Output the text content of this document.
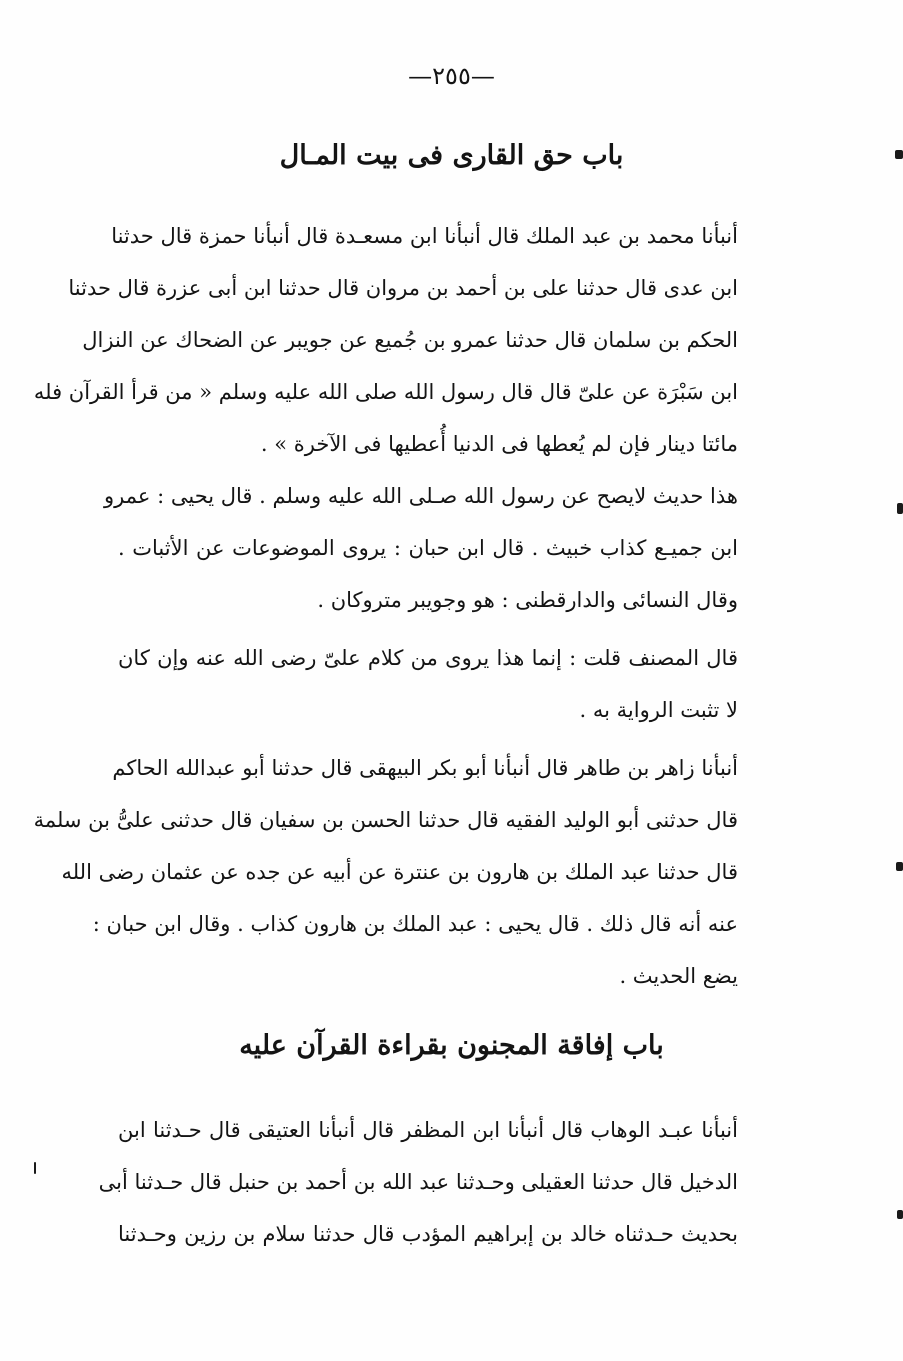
—٢٥٥—
باب حق القارى فى بيت المـال
أنبأنا محمد بن عبد الملك قال أنبأنا ابن مسعـدة قال أنبأنا حمزة قال حدثنا
ابن عدى قال حدثنا على بن أحمد بن مروان قال حدثنا ابن أبى عزرة قال حدثنا
الحكم بن سلمان قال حدثنا عمرو بن جُميع عن جويبر عن الضحاك عن النزال
ابن سَبْرَة عن علىّ قال قال رسول الله صلى الله عليه وسلم « من قرأ القرآن فله
مائتا دينار فإن لم يُعطها فى الدنيا أُعطيها فى الآخرة » .
هذا حديث لايصح عن رسول الله صـلى الله عليه وسلم . قال يحيى : عمرو
ابن جميـع كذاب خبيث . قال ابن حبان : يروى الموضوعات عن الأثبات .
وقال النسائى والدارقطنى : هو وجويبر متروكان .
قال المصنف قلت : إنما هذا يروى من كلام علىّ رضى الله عنه وإن كان
لا تثبت الرواية به .
أنبأنا زاهر بن طاهر قال أنبأنا أبو بكر البيهقى قال حدثنا أبو عبدالله الحاكم
قال حدثنى أبو الوليد الفقيه قال حدثنا الحسن بن سفيان قال حدثنى علىُّ بن سلمة
قال حدثنا عبد الملك بن هارون بن عنترة عن أبيه عن جده عن عثمان رضى الله
عنه أنه قال ذلك . قال يحيى : عبد الملك بن هارون كذاب . وقال ابن حبان :
يضع الحديث .
باب إفاقة المجنون بقراءة القرآن عليه
أنبأنا عبـد الوهاب قال أنبأنا ابن المظفر قال أنبأنا العتيقى قال حـدثنا ابن
الدخيل قال حدثنا العقيلى وحـدثنا عبد الله بن أحمد بن حنبل قال حـدثنا أبى
بحديث حـدثناه خالد بن إبراهيم المؤدب قال حدثنا سلام بن رزين وحـدثنا
